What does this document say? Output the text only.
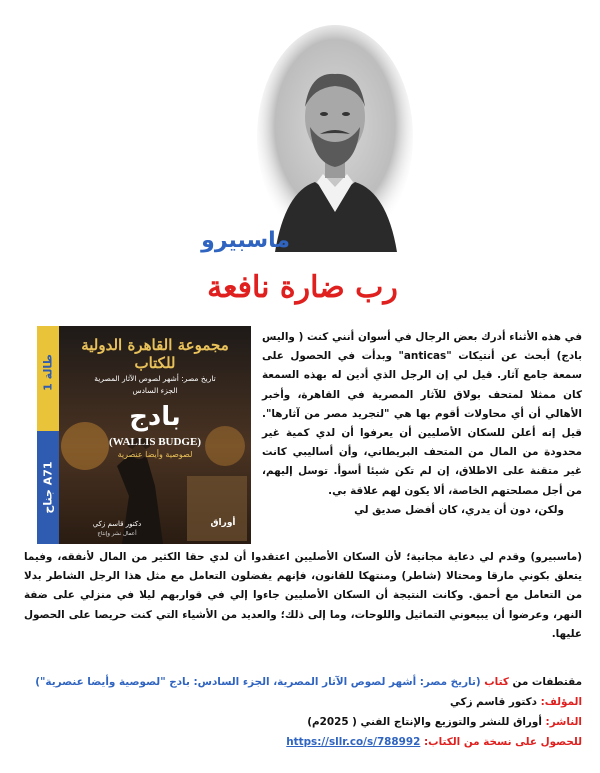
ماسبيرو
رب ضارة نافعة
مجموعة القاهرة الدولية للكتاب
تاريخ مصر: أشهر لصوص الآثار المصرية
الجزء السادس
بادج
(WALLIS BUDGE)
لصوصية وأيضا عنصرية
دكتور قاسم زكي
أعمال نشر وإنتاج
أوراق
طالة 1
A71 جناح

في هذه الأثناء أدرك بعض الرجال في أسوان أنني كنت ( واليس بادج) أبحث عن أنتيكات "anticas" وبدأت في الحصول على سمعة جامع آثار. قيل لي إن الرجل الذي أدين له بهذه السمعة كان ممثلا لمتحف بولاق للآثار المصرية في القاهرة، وأخبر الأهالي أن أي محاولات أقوم بها هي "لتجريد مصر من آثارها". قيل إنه أعلن للسكان الأصليين أن يعرفوا أن لدي كمية غير محدودة من المال من المتحف البريطاني، وأن أساليبي كانت غير متقنة على الاطلاق، إن لم تكن شيئا أسوأ. توسل إليهم، من أجل مصلحتهم الخاصة، ألا يكون لهم علاقة بي.

ولكن، دون أن يدري، كان أفضل صديق لي

(ماسبيرو) وقدم لي دعاية مجانية؛ لأن السكان الأصليين اعتقدوا أن لدي حقا الكثير من المال لأنفقه، وفيما يتعلق بكوني مارقا ومحتالا (شاطر) ومنتهكا للقانون، فإنهم يفضلون التعامل مع مثل هذا الرجل الشاطر بدلا من التعامل مع أحمق. وكانت النتيجة أن السكان الأصليين جاءوا إلي في قواربهم ليلا في منزلي على ضفة النهر، وعرضوا أن يبيعوني التماثيل واللوحات، وما إلى ذلك؛ والعديد من الأشياء التي كنت حريصا على الحصول عليها.

مقتطفات من كتاب (تاريخ مصر: أشهر لصوص الآثار المصرية، الجزء السادس: بادج "لصوصية وأيضا عنصرية")
المؤلف: دكتور قاسم زكي
الناشر: أوراق للنشر والتوزيع والإنتاج الفني ( 2025م)
للحصول على نسخة من الكتاب: https://sllr.co/s/788992
